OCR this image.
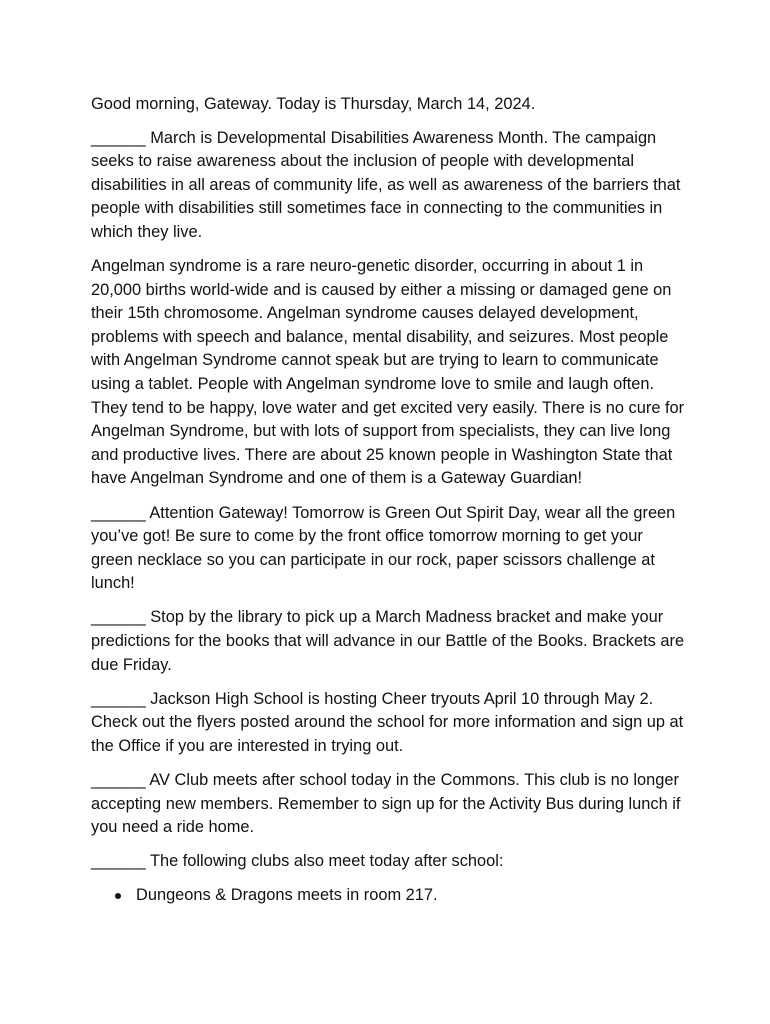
Good morning, Gateway. Today is Thursday, March 14, 2024.

______ March is Developmental Disabilities Awareness Month. The campaign seeks to raise awareness about the inclusion of people with developmental disabilities in all areas of community life, as well as awareness of the barriers that people with disabilities still sometimes face in connecting to the communities in which they live.

Angelman syndrome is a rare neuro-genetic disorder, occurring in about 1 in 20,000 births world-wide and is caused by either a missing or damaged gene on their 15th chromosome. Angelman syndrome causes delayed development, problems with speech and balance, mental disability, and seizures. Most people with Angelman Syndrome cannot speak but are trying to learn to communicate using a tablet. People with Angelman syndrome love to smile and laugh often. They tend to be happy, love water and get excited very easily. There is no cure for Angelman Syndrome, but with lots of support from specialists, they can live long and productive lives. There are about 25 known people in Washington State that have Angelman Syndrome and one of them is a Gateway Guardian!

______ Attention Gateway! Tomorrow is Green Out Spirit Day, wear all the green you’ve got! Be sure to come by the front office tomorrow morning to get your green necklace so you can participate in our rock, paper scissors challenge at lunch!

______ Stop by the library to pick up a March Madness bracket and make your predictions for the books that will advance in our Battle of the Books. Brackets are due Friday.

______ Jackson High School is hosting Cheer tryouts April 10 through May 2. Check out the flyers posted around the school for more information and sign up at the Office if you are interested in trying out.

______ AV Club meets after school today in the Commons. This club is no longer accepting new members. Remember to sign up for the Activity Bus during lunch if you need a ride home.

______ The following clubs also meet today after school:

Dungeons & Dragons meets in room 217.
